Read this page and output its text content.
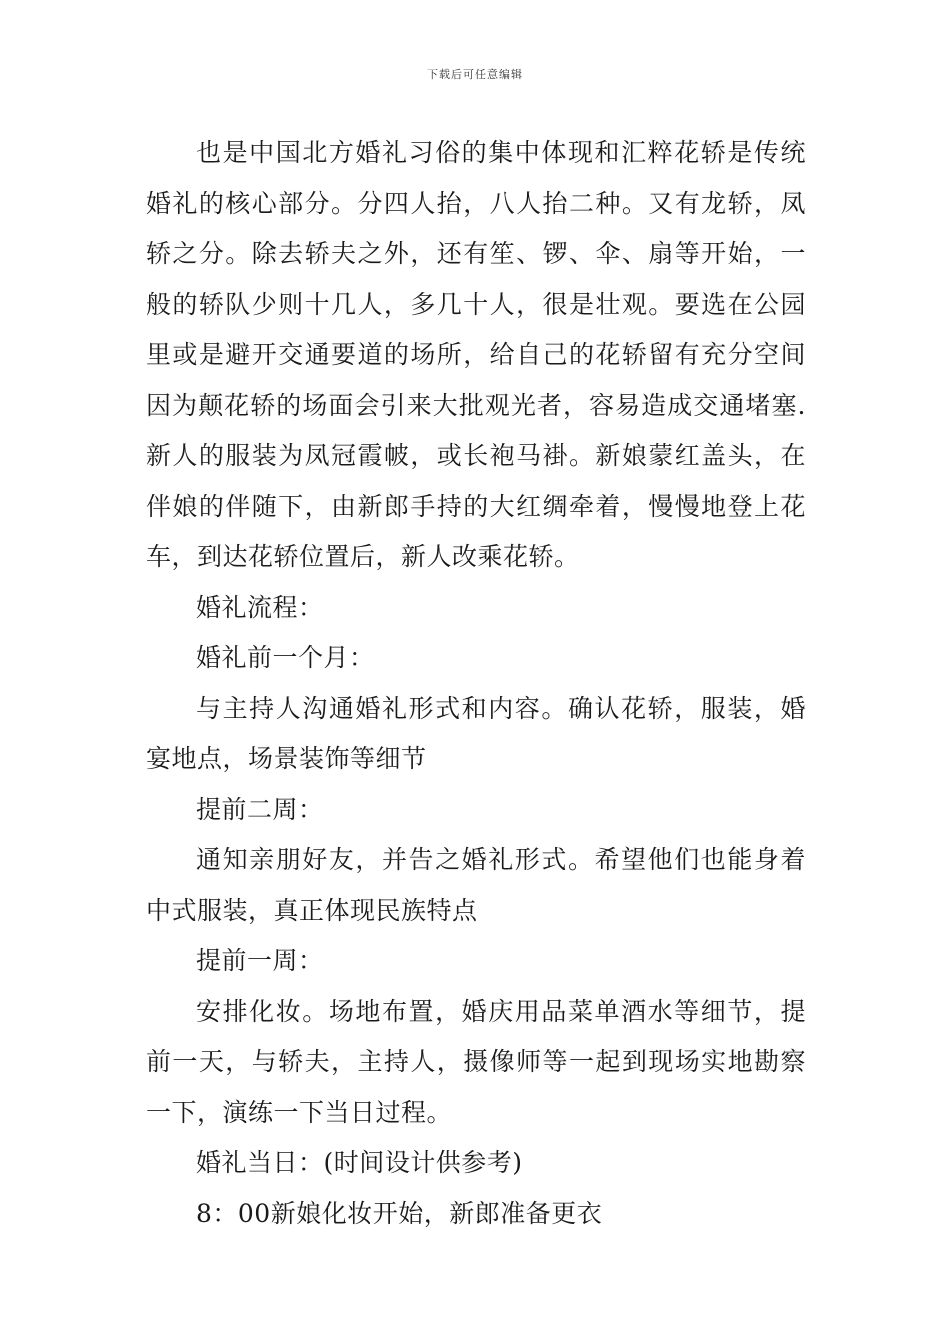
下载后可任意编辑

也是中国北方婚礼习俗的集中体现和汇粹花轿是传统婚礼的核心部分。分四人抬，八人抬二种。又有龙轿，凤轿之分。除去轿夫之外，还有笙、锣、伞、扇等开始，一般的轿队少则十几人，多几十人，很是壮观。要选在公园里或是避开交通要道的场所，给自己的花轿留有充分空间因为颠花轿的场面会引来大批观光者，容易造成交通堵塞.新人的服装为凤冠霞帔，或长袍马褂。新娘蒙红盖头，在伴娘的伴随下，由新郎手持的大红绸牵着，慢慢地登上花车，到达花轿位置后，新人改乘花轿。

婚礼流程：

婚礼前一个月：

与主持人沟通婚礼形式和内容。确认花轿，服装，婚宴地点，场景装饰等细节

提前二周：

通知亲朋好友，并告之婚礼形式。希望他们也能身着中式服装，真正体现民族特点

提前一周：

安排化妆。场地布置，婚庆用品菜单酒水等细节，提前一天，与轿夫，主持人，摄像师等一起到现场实地勘察一下，演练一下当日过程。

婚礼当日：(时间设计供参考)

8：00新娘化妆开始，新郎准备更衣
